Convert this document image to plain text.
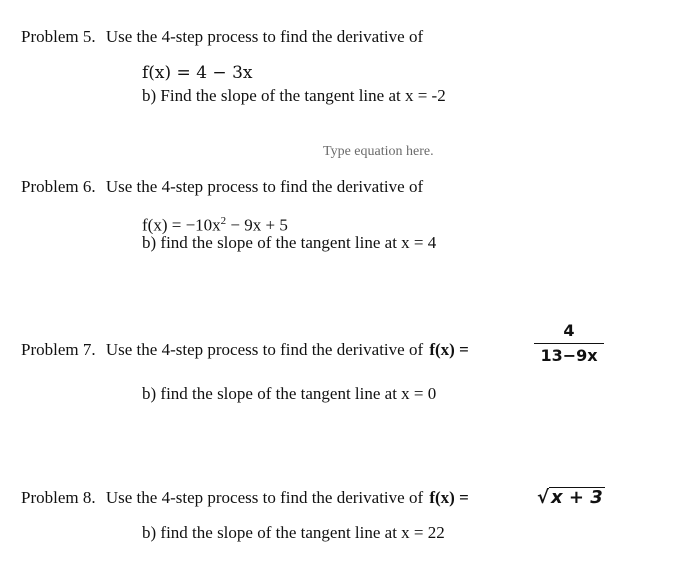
Problem 5. Use the 4-step process to find the derivative of
f(x) = 4 − 3x
b) Find the slope of the tangent line at x = -2
Type equation here.
Problem 6. Use the 4-step process to find the derivative of
$f(x) = -10x^2 - 9x + 5$
b) find the slope of the tangent line at x = 4
Problem 7. Use the 4-step process to find the derivative of f(x) =
4
13−9x
b) find the slope of the tangent line at x = 0
Problem 8. Use the 4-step process to find the derivative of f(x) =	√ x + 3
b) find the slope of the tangent line at x = 22
